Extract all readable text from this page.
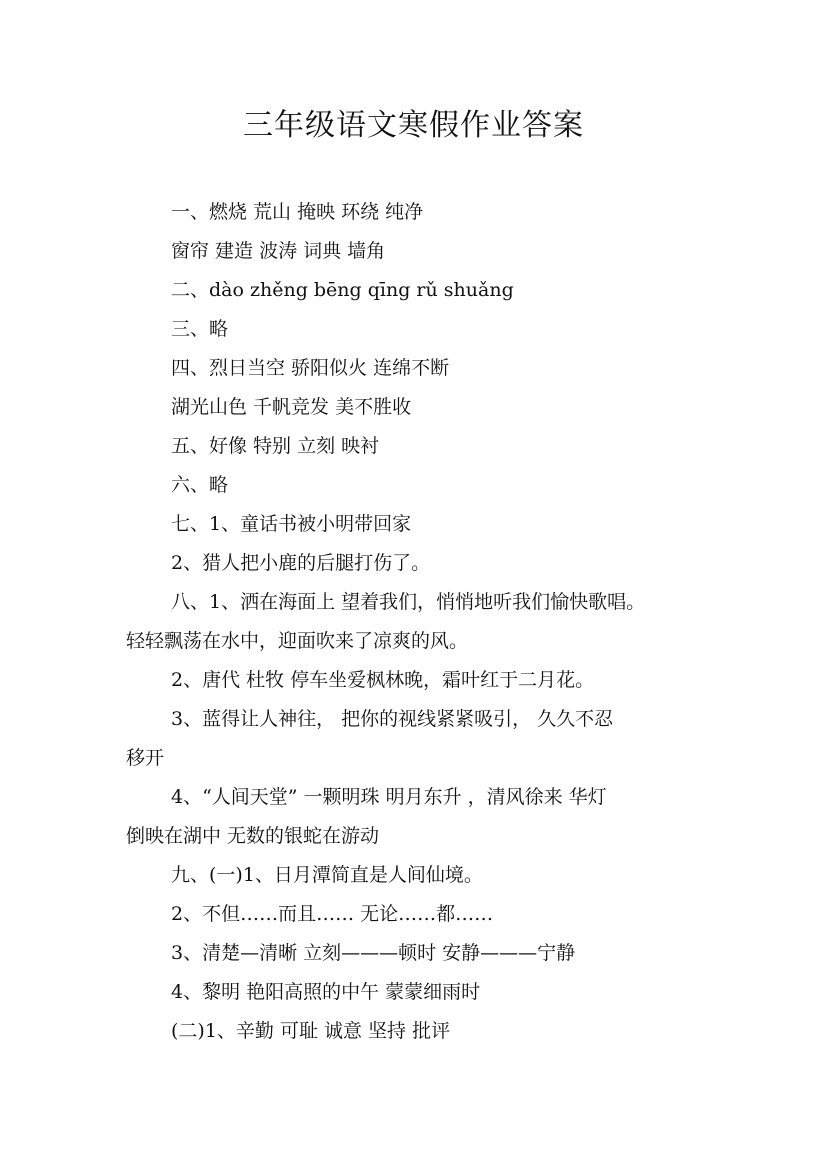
三年级语文寒假作业答案
一、燃烧 荒山 掩映 环绕 纯净
窗帘 建造 波涛 词典 墙角
二、dào zhěng bēng qīng rǔ shuǎng
三、略
四、烈日当空 骄阳似火 连绵不断
湖光山色 千帆竞发 美不胜收
五、好像 特别 立刻 映衬
六、略
七、1、童话书被小明带回家
2、猎人把小鹿的后腿打伤了。
八、1、洒在海面上 望着我们，悄悄地听我们愉快歌唱。
轻轻飘荡在水中，迎面吹来了凉爽的风。
2、唐代 杜牧 停车坐爱枫林晚，霜叶红于二月花。
3、蓝得让人神往， 把你的视线紧紧吸引， 久久不忍
移开
4、“人间天堂” 一颗明珠 明月东升 ，清风徐来 华灯
倒映在湖中 无数的银蛇在游动
九、(一)1、日月潭简直是人间仙境。
2、不但……而且…… 无论……都……
3、清楚—清晰 立刻———顿时 安静———宁静
4、黎明 艳阳高照的中午 蒙蒙细雨时
(二)1、辛勤 可耻 诚意 坚持 批评
